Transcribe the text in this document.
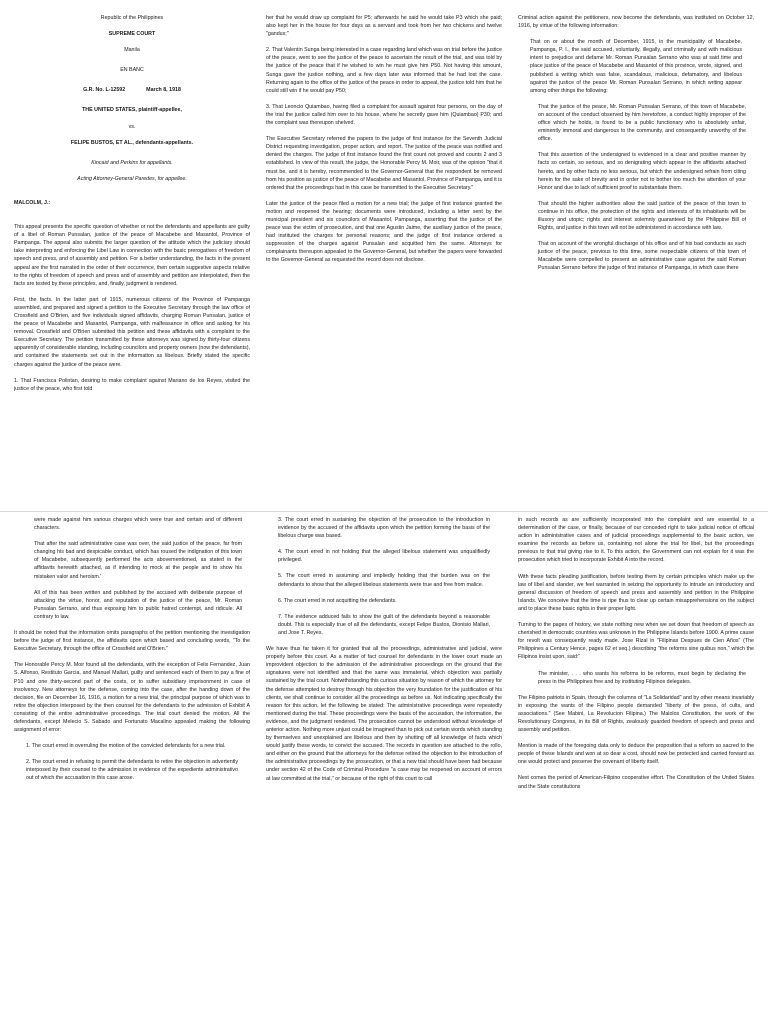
Republic of the Philippines

SUPREME COURT

Manila

EN BANC

G.R. No. L-12592	March 8, 1918

THE UNITED STATES, plaintiff-appellee,

vs.

FELIPE BUSTOS, ET AL., defendants-appellants.

Kincaid and Perkins for appellants.

Acting Attorney-General Paredes, for appellee.

MALCOLM, J.:

This appeal presents the specific question of whether or not the defendants and appellants are guilty of a libel of Roman Punsalan, justice of the peace of Macabebe and Masantol, Province of Pampanga. The appeal also submits the larger question of the attitude which the judiciary should take interpreting and enforcing the Libel Law in connection with the basic prerogatives of freedom of speech and press, and of assembly and petition. For a better understanding, the facts in the present appeal are the first narrated in the order of their occurrence, then certain suggestive aspects relative to the rights of freedom of speech and press and of assembly and petition are interpolated, then the facts are tested by these principles, and, finally, judgment is rendered.

First, the facts. In the latter part of 1915, numerous citizens of the Province of Pampanga assembled, and prepared and signed a petition to the Executive Secretary through the law office of Crossfield and O'Brien, and five individuals signed affidavits, charging Roman Punsalan, justice of the peace of Macabebe and Masantol, Pampanga, with malfeasance in office and asking for his removal. Crossfield and O'Brien submitted this petition and these affidavits with a complaint to the Executive Secretary. The petition transmitted by these attorneys was signed by thirty-four citizens apparently of considerable standing, including councilors and property owners (now the defendants), and contained the statements set out in the information as libelous. Briefly stated the specific charges against the justice of the peace were.

1. That Francisca Polintan, desiring to make complaint against Mariano de los Reyes, visited the justice of the peace, who first told

her that he would draw up complaint for P5; afterwards he said he would take P3 which she paid; also kept her in the house for four days as a servant and took from her two chickens and twelve "gandus;"

2. That Valentin Sunga being interested in a case regarding land which was on trial before the justice of the peace, went to see the justice of the peace to ascertain the result of the trial, and was told by the justice of the peace that if he wished to win he must give him P50. Not having this amount, Sunga gave the justice nothing, and a few days later was informed that he had lost the case. Returning again to the office of the justice of the peace in order to appeal, the justice told him that he could still win if he would pay P50;

3. That Leoncio Quiambao, having filed a complaint for assault against four persons, on the day of the trial the justice called him over to his house, where he secretly gave him (Quiambao) P30; and the complaint was thereupon shelved.

The Executive Secretary referred the papers to the judge of first instance for the Seventh Judicial District requesting investigation, proper action, and report. The justice of the peace was notified and denied the charges. The judge of first instance found the first count not proved and counts 2 and 3 established. In view of this result, the judge, the Honorable Percy M. Moir, was of the opinion "that it must be, and it is hereby, recommended to the Governor-General that the respondent be removed from his position as justice of the peace of Macabebe and Masantol, Province of Pampanga, and it is ordered that the proceedings had in this case be transmitted to the Executive Secretary."

Later the justice of the peace filed a motion for a new trial; the judge of first instance granted the motion and reopened the hearing; documents were introduced, including a letter sent by the municipal president and six councilors of Masantol, Pampanga, asserting that the justice of the peace was the victim of prosecution, and that one Agustin Jaime, the auxiliary justice of the peace, had instituted the charges for personal reasons; and the judge of first instance ordered a suppression of the charges against Punsalan and acquitted him the same. Attorneys for complainants thereupon appealed to the Governor-General, but whether the papers were forwarded to the Governor-General as requested the record does not disclose.

Criminal action against the petitioners, now become the defendants, was instituted on October 12, 1916, by virtue of the following information:

That on or about the month of December, 1915, in the municipality of Macabebe, Pampanga, P. I., the said accused, voluntarily, illegally, and criminally and with malicious intent to prejudice and defame Mr. Roman Punsalan Serrano who was at said time and place justice of the peace of Macabebe and Masantol of this province, wrote, signed, and published a writing which was false, scandalous, malicious, defamatory, and libelous against the justice of the peace Mr. Roman Punsalan Serrano, in which writing appear among other things the following:

That the justice of the peace, Mr. Roman Punsalan Serrano, of this town of Macabebe, on account of the conduct observed by him heretofore, a conduct highly improper of the office which he holds, is found to be a public functionary who is absolutely unfair, eminently immoral and dangerous to the community, and consequently unworthy of the office.

That this assertion of the undersigned is evidenced in a clear and positive manner by facts so certain, so serious, and so denigrating which appear in the affidavits attached hereto, and by other facts no less serious, but which the undersigned refrain from citing herein for the sake of brevity and in order not to bother too much the attention of your Honor and due to lack of sufficient proof to substantiate them.

That should the higher authorities allow the said justice of the peace of this town to continue in his office, the protection of the rights and interests of its inhabitants will be illusory and utopic; rights and interest solemnly guaranteed by the Philippine Bill of Rights, and justice in this town will not be administered in accordance with law.

That on account of the wrongful discharge of his office and of his bad conducts as such justice of the peace, previous to this time, some respectable citizens of this town of Macabebe were compelled to present an administrative case against the said Roman Punsalan Serrano before the judge of first instance of Pampanga, in which case there

were made against him various charges which were true and certain and of different characters.

That after the said administrative case was over, the said justice of the peace, far from changing his bad and despicable conduct, which has roused the indignation of this town of Macabebe, subsequently performed the acts abovementioned, as stated in the affidavits herewith attached, as if intending to mock at the people and to show his mistaken valor and heroism.'

All of this has been written and published by the accused with deliberate purpose of attacking the virtue, honor, and reputation of the justice of the peace, Mr. Roman Punsalan Serrano, and thus exposing him to public hatred contempt, and ridicule. All contrary to law.

It should be noted that the information omits paragraphs of the petition mentioning the investigation before the judge of first instance, the affidavits upon which based and concluding words, "To the Executive Secretary, through the office of Crossfield and O'Brien."

The Honorable Percy M. Moir found all the defendants, with the exception of Felix Fernandez, Juan S. Alfonso, Restituto Garcia, and Manuel Mallari, guilty and sentenced each of them to pay a fine of P10 and one thirty-second part of the costs, or to suffer subsidiary imprisonment in case of insolvency. New attorneys for the defense, coming into the case, after the handing down of the decision, file on December 16, 1916, a motion for a new trial, the principal purpose of which was to retire the objection interposed by the then counsel for the defendants to the admission of Exhibit A consisting of the entire administrative proceedings. The trial court denied the motion. All the defendants, except Melecio S. Sabado and Fortunato Macalino appealed making the following assignment of error:

1. The court erred in overruling the motion of the convicted defendants for a new trial.

2. The court erred in refusing to permit the defendants to retire the objection in advertently interposed by their counsel to the admission in evidence of the expediente administrativo out of which the accusation in this case arose.

3. The court erred in sustaining the objection of the prosecution to the introduction in evidence by the accused of the affidavits upon which the petition forming the basis of the libelous charge was based.

4. The court erred in not holding that the alleged libelous statement was unqualifiedly privileged.

5. The court erred in assuming and impliedly holding that the burden was on the defendants to show that the alleged libelous statements were true and free from malice.

6. The court erred in not acquitting the defendants.

7. The evidence adduced fails to show the guilt of the defendants beyond a reasonable doubt. This is especially true of all the defendants, except Felipe Bustos, Dionisio Mallari, and Jose T. Reyes.

We have thus far taken it for granted that all the proceedings, administrative and judicial, were properly before this court. As a matter of fact counsel for defendants in the lower court made an improvident objection to the admission of the administrative proceedings on the ground that the signatures were not identified and that the same was immaterial, which objection was partially sustained by the trial court. Notwithstanding this curious situation by reason of which the attorney for the defense attempted to destroy through his objection the very foundation for the justification of his clients, we shall continue to consider all the proceedings as before us. Not indicating specifically the reason for this action, let the following be stated: The administrative proceedings were repeatedly mentioned during the trial. These proceedings were the basis of the accusation, the information, the evidence, and the judgment rendered. The prosecution cannot be understood without knowledge of anterior action. Nothing more unjust could be imagined than to pick out certain words which standing by themselves and unexplained are libelous and then by shutting off all knowledge of facts which would justify these words, to convict the accused. The records in question are attached to the rollo, and either on the ground that the attorneys for the defense retired the objection to the introduction of the administrative proceedings by the prosecution, or that a new trial should have been had because under section 42 of the Code of Criminal Procedure "a case may be reopened on account of errors at law committed at the trial," or because of the right of this court to call

in such records as are sufficiently incorporated into the complaint and are essential to a determination of the case, or finally, because of our conceded right to take judicial notice of official action in administrative cases and of judicial proceedings supplemental to the basic action, we examine the records as before us, containing not alone the trial for libel, but the proceedings previous to that trial giving rise to it. To this action, the Government can not explain for it was the prosecution which tried to incorporate Exhibit A into the record.

With these facts pleading justification, before testing them by certain principles which make up the law of libel and slander, we feel warranted in seizing the opportunity to intrude an introductory and general discussion of freedom of speech and press and assembly and petition in the Philippine Islands. We conceive that the time is ripe thus to clear up certain misapprehensions on the subject and to place these basic rights in their proper light.

Turning to the pages of history, we state nothing new when we set down that freedom of speech as cherished in democratic countries was unknown in the Philippine Islands before 1900. A prime cause for revolt was consequently ready made. Jose Rizal in "Filipinas Despues de Cien Años" (The Philippines a Century Hence, pages 62 et seq.) describing "the reforms sine quibus non," which the Filipinos insist upon, said:"

The minister, . . . who wants his reforms to be reforms, must begin by declaring the press in the Philippines free and by instituting Filipinos delegates.

The Filipino patriots in Spain, through the columns of "La Solidaridad" and by other means invariably in exposing the wants of the Filipino people demanded "liberty of the press, of cults, and associations." (See Mabini, La Revolucion Filipina.) The Malolos Constitution, the work of the Revolutionary Congress, in its Bill of Rights, zealously guarded freedom of speech and press and assembly and petition.

Mention is made of the foregoing data only to deduce the proposition that a reform so sacred to the people of these Islands and won at so dear a cost, should now be protected and carried forward as one would protect and preserve the covenant of liberty itself.

Next comes the period of American-Filipino cooperative effort. The Constitution of the United States and the State constitutions
